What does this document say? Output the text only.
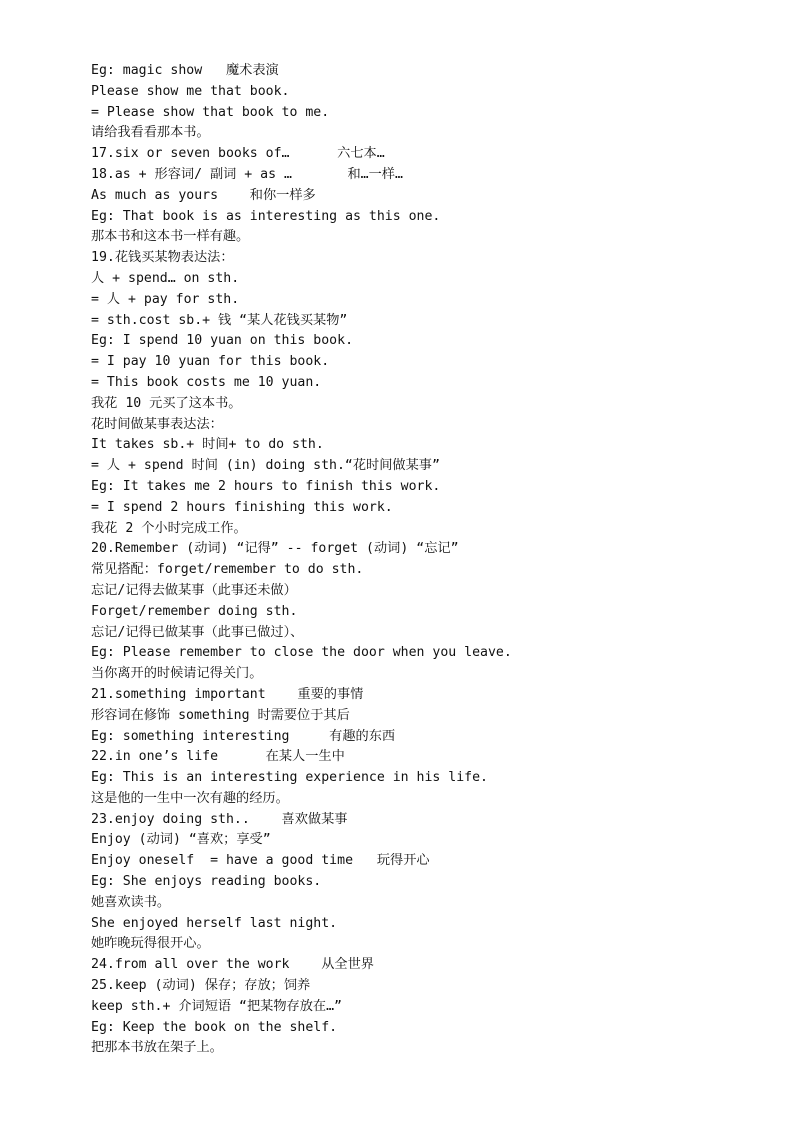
Eg: magic show   魔术表演
Please show me that book.
= Please show that book to me.
请给我看看那本书。
17.six or seven books of…      六七本…
18.as + 形容词/ 副词 + as …       和…一样…
As much as yours    和你一样多
Eg: That book is as interesting as this one.
那本书和这本书一样有趣。
19.花钱买某物表达法：
人 + spend… on sth.
= 人 + pay for sth.
= sth.cost sb.+ 钱 “某人花钱买某物”
Eg: I spend 10 yuan on this book.
= I pay 10 yuan for this book.
= This book costs me 10 yuan.
我花 10 元买了这本书。
花时间做某事表达法：
It takes sb.+ 时间+ to do sth.
= 人 + spend 时间 (in) doing sth.“花时间做某事”
Eg: It takes me 2 hours to finish this work.
= I spend 2 hours finishing this work.
我花 2 个小时完成工作。
20.Remember (动词) “记得” -- forget (动词) “忘记”
常见搭配：forget/remember to do sth.
忘记/记得去做某事（此事还未做）
Forget/remember doing sth.
忘记/记得已做某事（此事已做过）、
Eg: Please remember to close the door when you leave.
当你离开的时候请记得关门。
21.something important    重要的事情
形容词在修饰 something 时需要位于其后
Eg: something interesting     有趣的东西
22.in one’s life      在某人一生中
Eg: This is an interesting experience in his life.
这是他的一生中一次有趣的经历。
23.enjoy doing sth..    喜欢做某事
Enjoy (动词) “喜欢；享受”
Enjoy oneself  = have a good time   玩得开心
Eg: She enjoys reading books.
她喜欢读书。
She enjoyed herself last night.
她昨晚玩得很开心。
24.from all over the work    从全世界
25.keep (动词) 保存；存放；饲养
keep sth.+ 介词短语 “把某物存放在…”
Eg: Keep the book on the shelf.
把那本书放在架子上。
